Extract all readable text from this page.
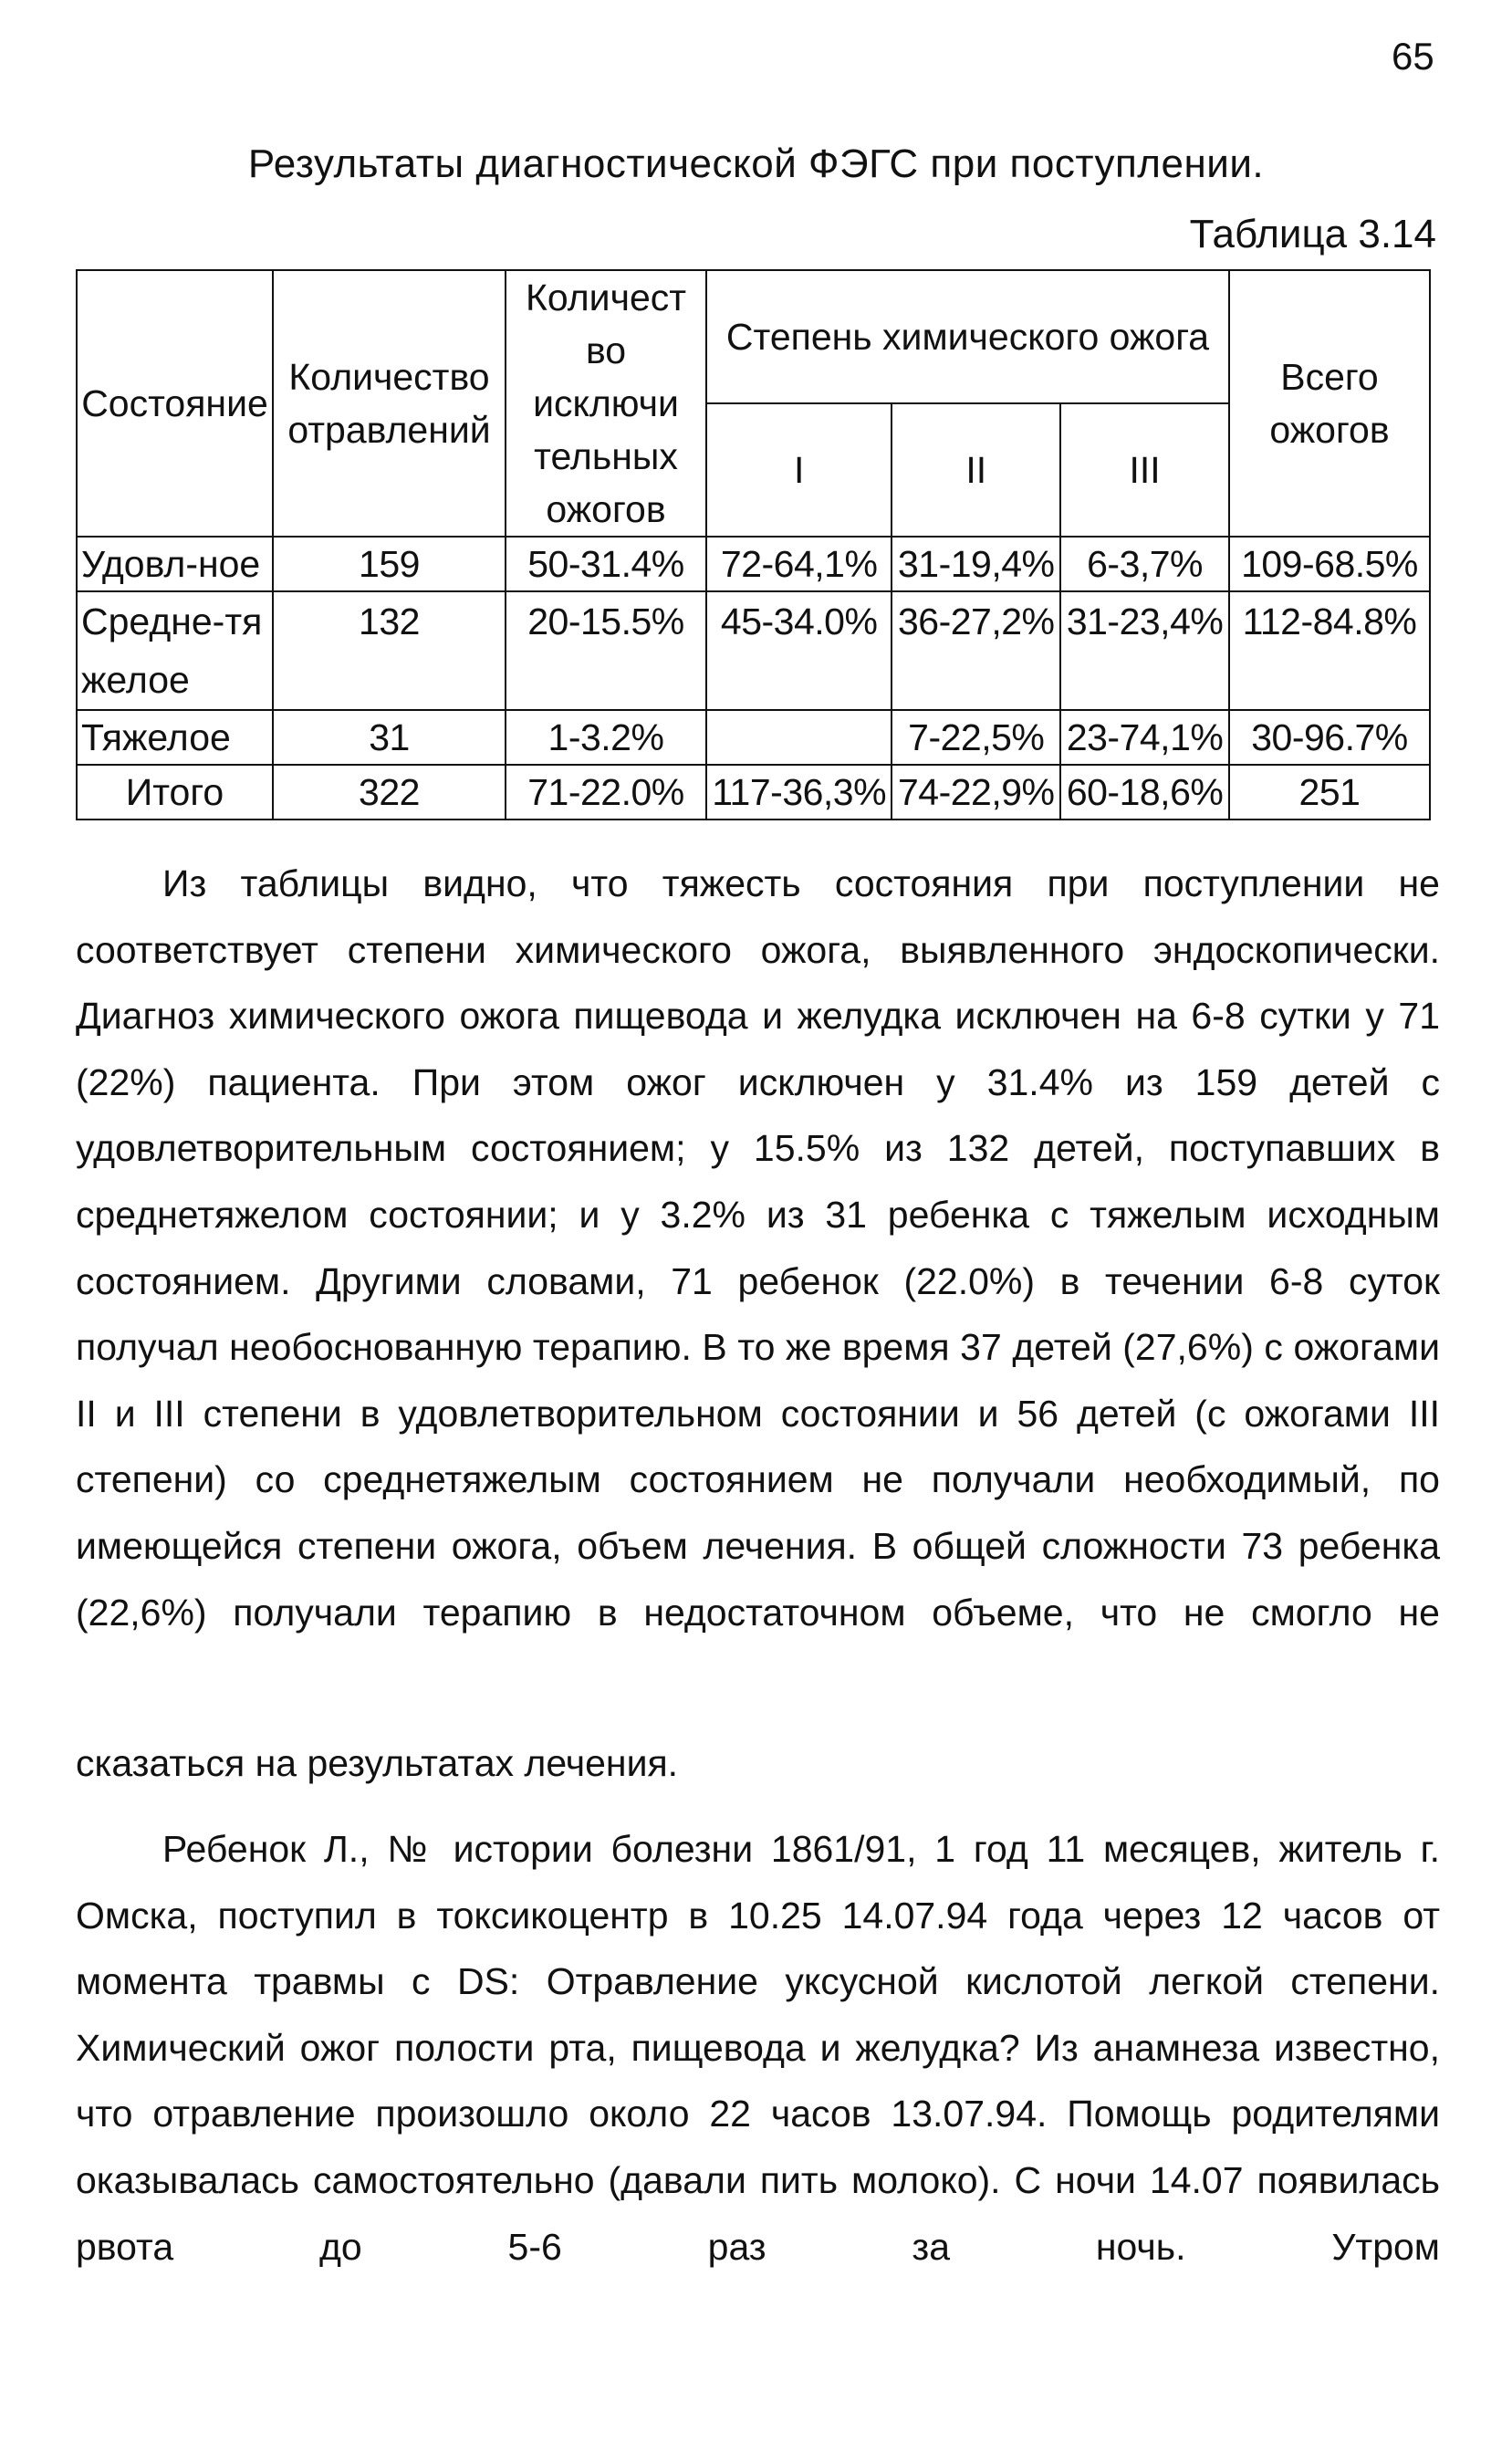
65
Результаты диагностической ФЭГС при поступлении.
Таблица 3.14
Состояние	Количество отравлений	Количест во исключи тельных ожогов	Степень химического ожога			Всего ожогов
			I	II	III	
Удовл-ное	159	50-31.4%	72-64,1%	31-19,4%	6-3,7%	109-68.5%
Средне-тяжелое	132	20-15.5%	45-34.0%	36-27,2%	31-23,4%	112-84.8%
Тяжелое	31	1-3.2%		7-22,5%	23-74,1%	30-96.7%
Итого	322	71-22.0%	117-36,3%	74-22,9%	60-18,6%	251
Из таблицы видно, что тяжесть состояния при поступлении не соответствует степени химического ожога, выявленного эндоскопически. Диагноз химического ожога пищевода и желудка исключен на 6-8 сутки у 71 (22%) пациента. При этом ожог исключен у 31.4% из 159 детей с удовлетворительным состоянием; у 15.5% из 132 детей, поступавших в среднетяжелом состоянии; и у 3.2% из 31 ребенка с тяжелым исходным состоянием. Другими словами, 71 ребенок (22.0%) в течении 6-8 суток получал необоснованную терапию. В то же время 37 детей (27,6%) с ожогами II и III степени в удовлетворительном состоянии и 56 детей (с ожогами III степени) со среднетяжелым состоянием не получали необходимый, по имеющейся степени ожога, объем лечения. В общей сложности 73 ребенка (22,6%) получали терапию в недостаточном объеме, что не смогло не
сказаться на результатах лечения.
Ребенок Л., № истории болезни 1861/91, 1 год 11 месяцев, житель г. Омска, поступил в токсикоцентр в 10.25 14.07.94 года через 12 часов от момента травмы с DS: Отравление уксусной кислотой легкой степени. Химический ожог полости рта, пищевода и желудка? Из анамнеза известно, что отравление произошло около 22 часов 13.07.94. Помощь родителями оказывалась самостоятельно (давали пить молоко). С ночи 14.07 появилась рвота до 5-6 раз за ночь. Утром
